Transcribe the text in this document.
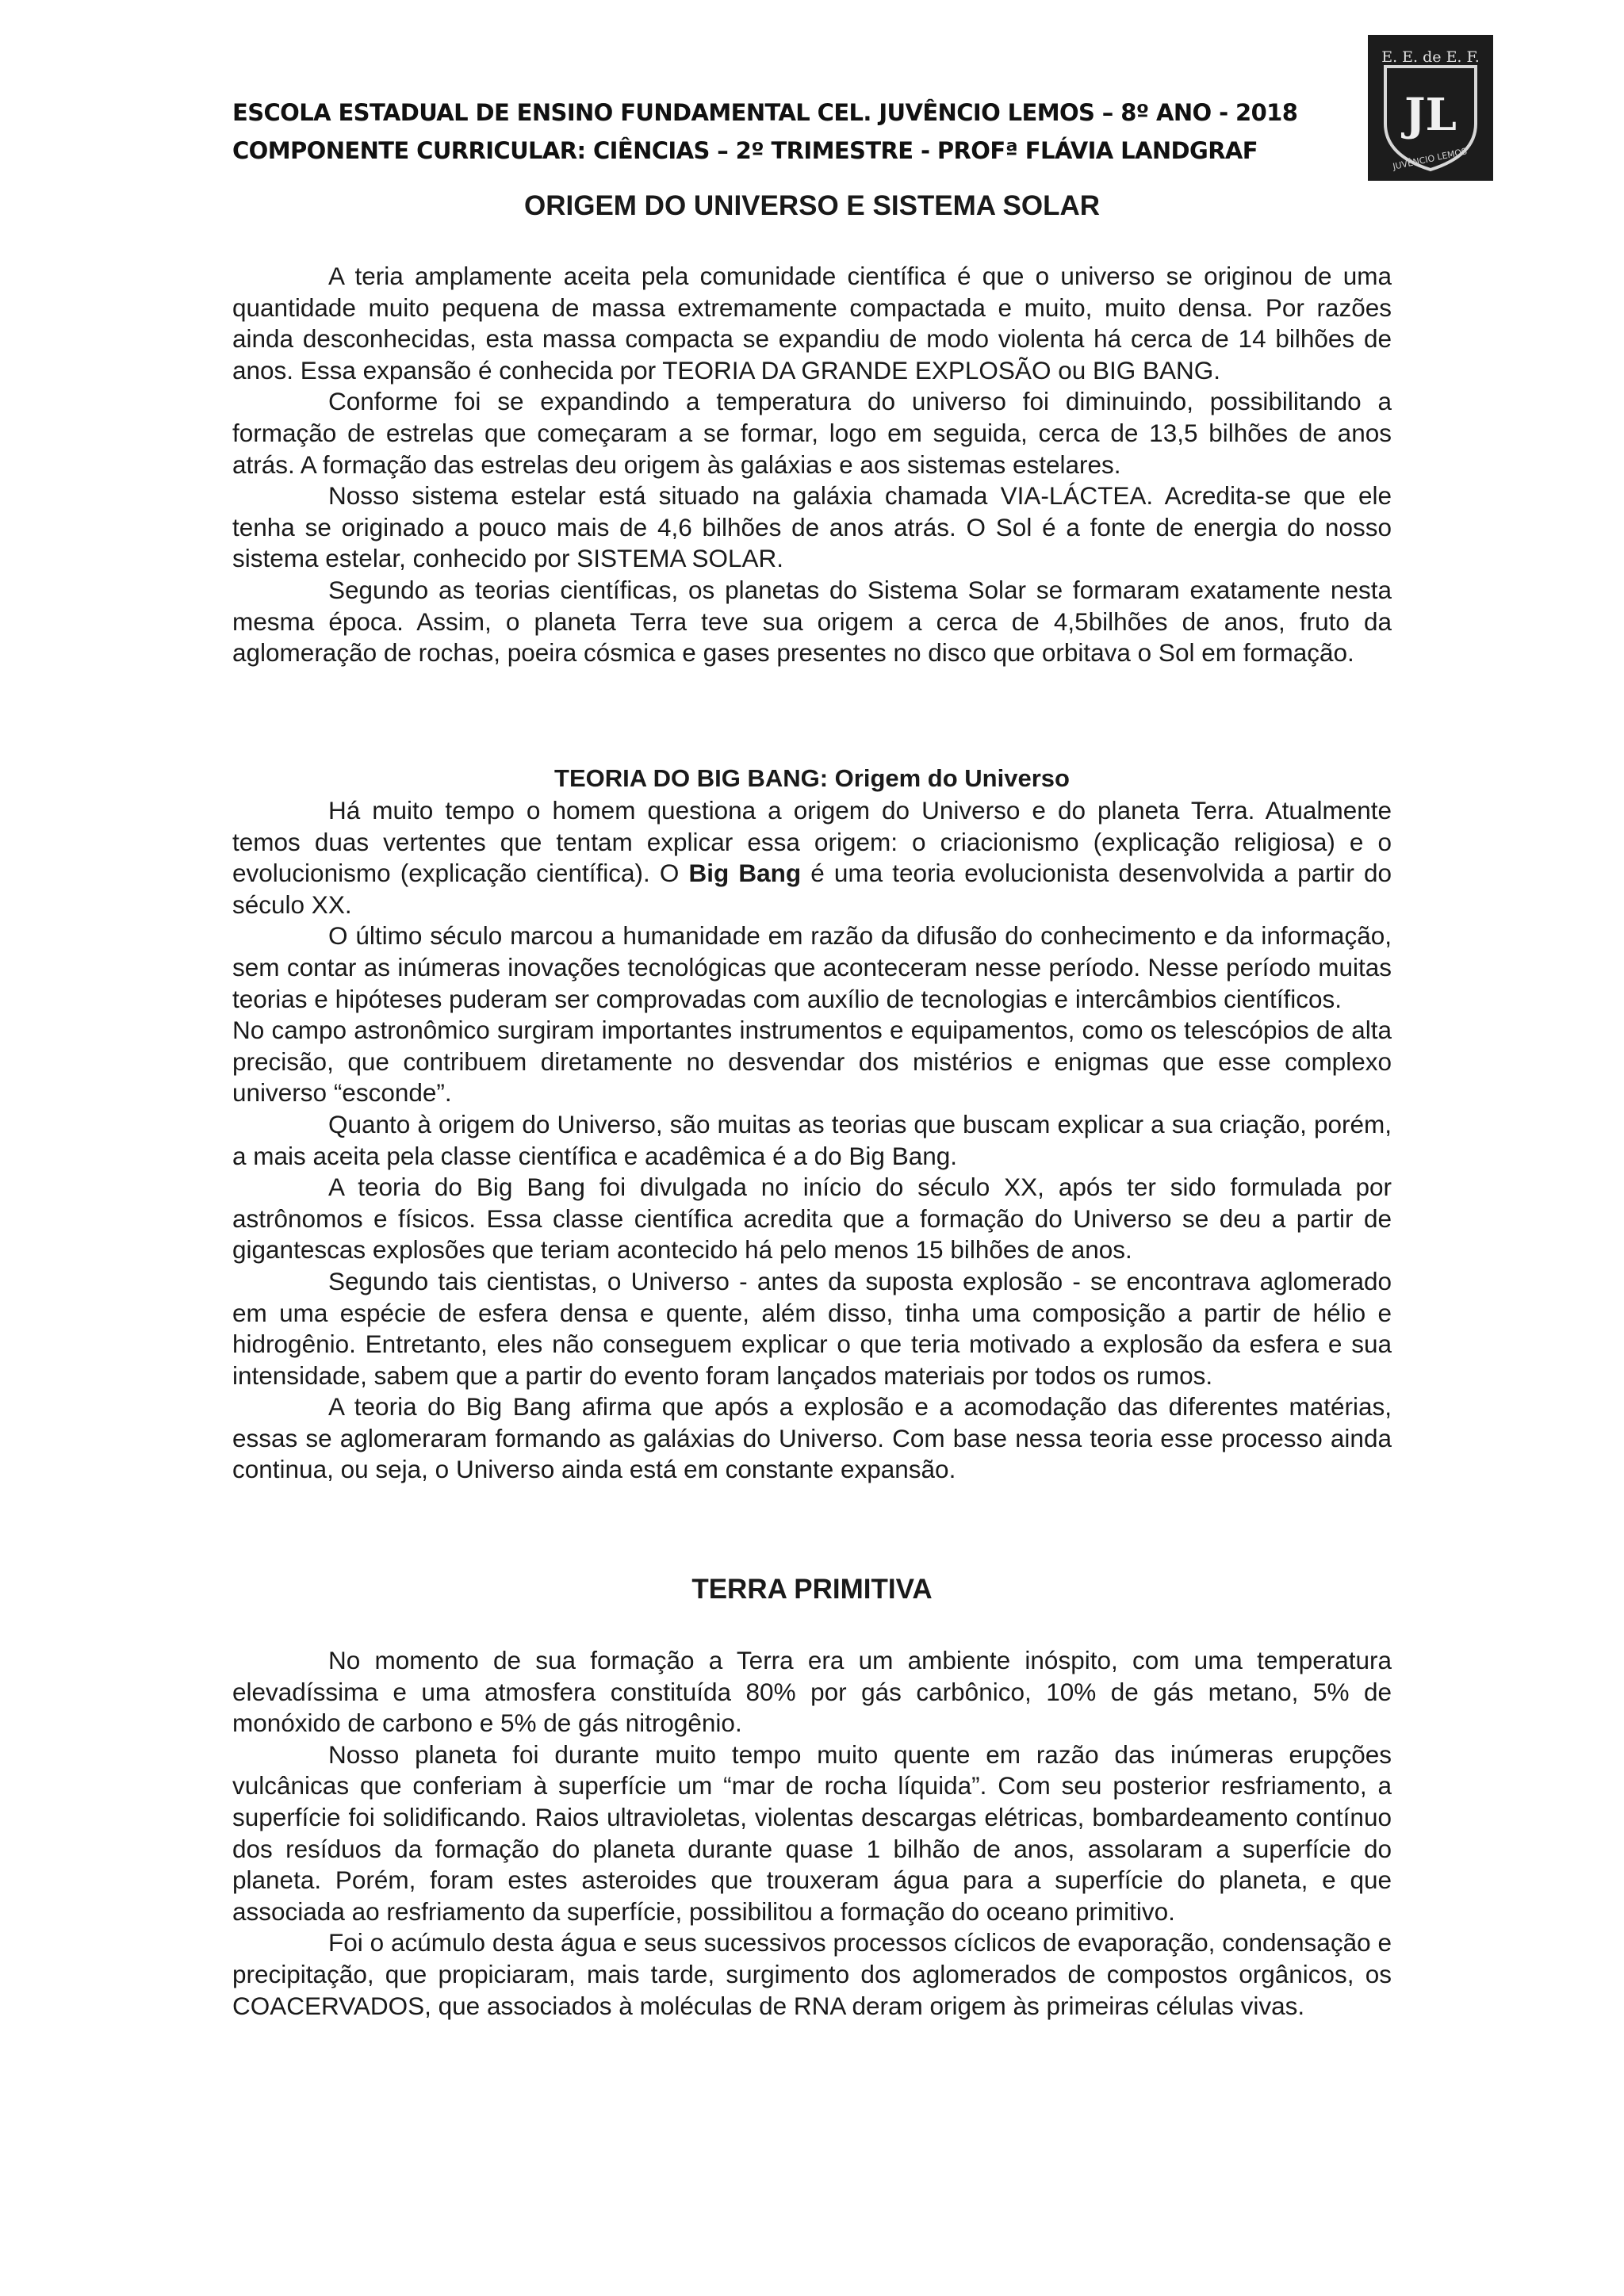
ESCOLA ESTADUAL DE ENSINO FUNDAMENTAL CEL. JUVÊNCIO LEMOS – 8º ANO - 2018
COMPONENTE CURRICULAR: CIÊNCIAS – 2º TRIMESTRE - PROFª FLÁVIA LANDGRAF
E. E. de E. F.
JL
JUVÊNCIO LEMOS
ORIGEM DO UNIVERSO E SISTEMA SOLAR

A teria amplamente aceita pela comunidade científica é que o universo se originou de uma quantidade muito pequena de massa extremamente compactada e muito, muito densa. Por razões ainda desconhecidas, esta massa compacta se expandiu de modo violenta há cerca de 14 bilhões de anos. Essa expansão é conhecida por TEORIA DA GRANDE EXPLOSÃO ou BIG BANG.

Conforme foi se expandindo a temperatura do universo foi diminuindo, possibilitando a formação de estrelas que começaram a se formar, logo em seguida, cerca de 13,5 bilhões de anos atrás. A formação das estrelas deu origem às galáxias e aos sistemas estelares.

Nosso sistema estelar está situado na galáxia chamada VIA-LÁCTEA. Acredita-se que ele tenha se originado a pouco mais de 4,6 bilhões de anos atrás. O Sol é a fonte de energia do nosso sistema estelar, conhecido por SISTEMA SOLAR.

Segundo as teorias científicas, os planetas do Sistema Solar se formaram exatamente nesta mesma época. Assim, o planeta Terra teve sua origem a cerca de 4,5bilhões de anos, fruto da aglomeração de rochas, poeira cósmica e gases presentes no disco que orbitava o Sol em formação.

TEORIA DO BIG BANG: Origem do Universo

Há muito tempo o homem questiona a origem do Universo e do planeta Terra. Atualmente temos duas vertentes que tentam explicar essa origem: o criacionismo (explicação religiosa) e o evolucionismo (explicação científica). O Big Bang é uma teoria evolucionista desenvolvida a partir do século XX.

O último século marcou a humanidade em razão da difusão do conhecimento e da informação, sem contar as inúmeras inovações tecnológicas que aconteceram nesse período. Nesse período muitas teorias e hipóteses puderam ser comprovadas com auxílio de tecnologias e intercâmbios científicos.

No campo astronômico surgiram importantes instrumentos e equipamentos, como os telescópios de alta precisão, que contribuem diretamente no desvendar dos mistérios e enigmas que esse complexo universo “esconde”.

Quanto à origem do Universo, são muitas as teorias que buscam explicar a sua criação, porém, a mais aceita pela classe científica e acadêmica é a do Big Bang.

A teoria do Big Bang foi divulgada no início do século XX, após ter sido formulada por astrônomos e físicos. Essa classe científica acredita que a formação do Universo se deu a partir de gigantescas explosões que teriam acontecido há pelo menos 15 bilhões de anos.

Segundo tais cientistas, o Universo - antes da suposta explosão - se encontrava aglomerado em uma espécie de esfera densa e quente, além disso, tinha uma composição a partir de hélio e hidrogênio. Entretanto, eles não conseguem explicar o que teria motivado a explosão da esfera e sua intensidade, sabem que a partir do evento foram lançados materiais por todos os rumos.

A teoria do Big Bang afirma que após a explosão e a acomodação das diferentes matérias, essas se aglomeraram formando as galáxias do Universo. Com base nessa teoria esse processo ainda continua, ou seja, o Universo ainda está em constante expansão.

TERRA PRIMITIVA

No momento de sua formação a Terra era um ambiente inóspito, com uma temperatura elevadíssima e uma atmosfera constituída 80% por gás carbônico, 10% de gás metano, 5% de monóxido de carbono e 5% de gás nitrogênio.

Nosso planeta foi durante muito tempo muito quente em razão das inúmeras erupções vulcânicas que conferiam à superfície um “mar de rocha líquida”. Com seu posterior resfriamento, a superfície foi solidificando. Raios ultravioletas, violentas descargas elétricas, bombardeamento contínuo dos resíduos da formação do planeta durante quase 1 bilhão de anos, assolaram a superfície do planeta. Porém, foram estes asteroides que trouxeram água para a superfície do planeta, e que associada ao resfriamento da superfície, possibilitou a formação do oceano primitivo.

Foi o acúmulo desta água e seus sucessivos processos cíclicos de evaporação, condensação e precipitação, que propiciaram, mais tarde, surgimento dos aglomerados de compostos orgânicos, os COACERVADOS, que associados à moléculas de RNA deram origem às primeiras células vivas.
